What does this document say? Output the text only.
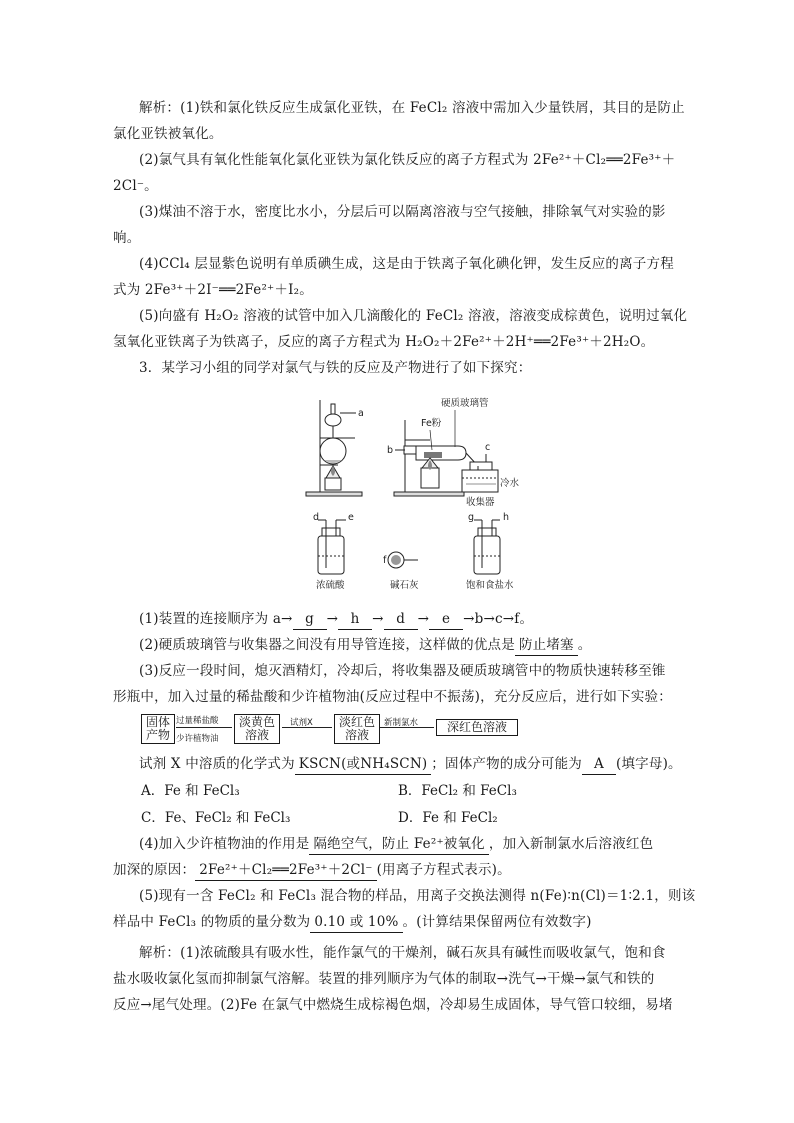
解析：(1)铁和氯化铁反应生成氯化亚铁，在 FeCl₂ 溶液中需加入少量铁屑，其目的是防止
氯化亚铁被氧化。
(2)氯气具有氧化性能氧化氯化亚铁为氯化铁反应的离子方程式为 2Fe²⁺＋Cl₂══2Fe³⁺＋
2Cl⁻。
(3)煤油不溶于水，密度比水小，分层后可以隔离溶液与空气接触，排除氧气对实验的影
响。
(4)CCl₄ 层显紫色说明有单质碘生成，这是由于铁离子氧化碘化钾，发生反应的离子方程
式为 2Fe³⁺＋2I⁻══2Fe²⁺＋I₂。
(5)向盛有 H₂O₂ 溶液的试管中加入几滴酸化的 FeCl₂ 溶液，溶液变成棕黄色，说明过氧化
氢氧化亚铁离子为铁离子，反应的离子方程式为 H₂O₂＋2Fe²⁺＋2H⁺══2Fe³⁺＋2H₂O。
3．某学习小组的同学对氯气与铁的反应及产物进行了如下探究：
a
b	c
d	e
f
g	h
Fe粉
硬质玻璃管
冷水
收集器
浓硫酸	碱石灰	饱和食盐水
(1)装置的连接顺序为 a→ g → h → d → e →b→c→f。
(2)硬质玻璃管与收集器之间没有用导管连接，这样做的优点是 防止堵塞 。
(3)反应一段时间，熄灭酒精灯，冷却后，将收集器及硬质玻璃管中的物质快速转移至锥
形瓶中，加入过量的稀盐酸和少许植物油(反应过程中不振荡)，充分反应后，进行如下实验：
固体
产物
过量稀盐酸
少许植物油
淡黄色
溶液
试剂X	淡红色
溶液
新制氯水	深红色溶液
试剂 X 中溶质的化学式为 KSCN(或NH₄SCN) ；固体产物的成分可能为 A (填字母)。
A．Fe 和 FeCl₃	B．FeCl₂ 和 FeCl₃
C．Fe、FeCl₂ 和 FeCl₃	D．Fe 和 FeCl₂
(4)加入少许植物油的作用是 隔绝空气，防止 Fe²⁺被氧化 ，加入新制氯水后溶液红色
加深的原因： 2Fe²⁺＋Cl₂══2Fe³⁺＋2Cl⁻ (用离子方程式表示)。
(5)现有一含 FeCl₂ 和 FeCl₃ 混合物的样品，用离子交换法测得 n(Fe)∶n(Cl)＝1∶2.1，则该
样品中 FeCl₃ 的物质的量分数为 0.10 或 10% 。(计算结果保留两位有效数字)
解析：(1)浓硫酸具有吸水性，能作氯气的干燥剂，碱石灰具有碱性而吸收氯气，饱和食
盐水吸收氯化氢而抑制氯气溶解。装置的排列顺序为气体的制取→洗气→干燥→氯气和铁的
反应→尾气处理。(2)Fe 在氯气中燃烧生成棕褐色烟，冷却易生成固体，导气管口较细，易堵
